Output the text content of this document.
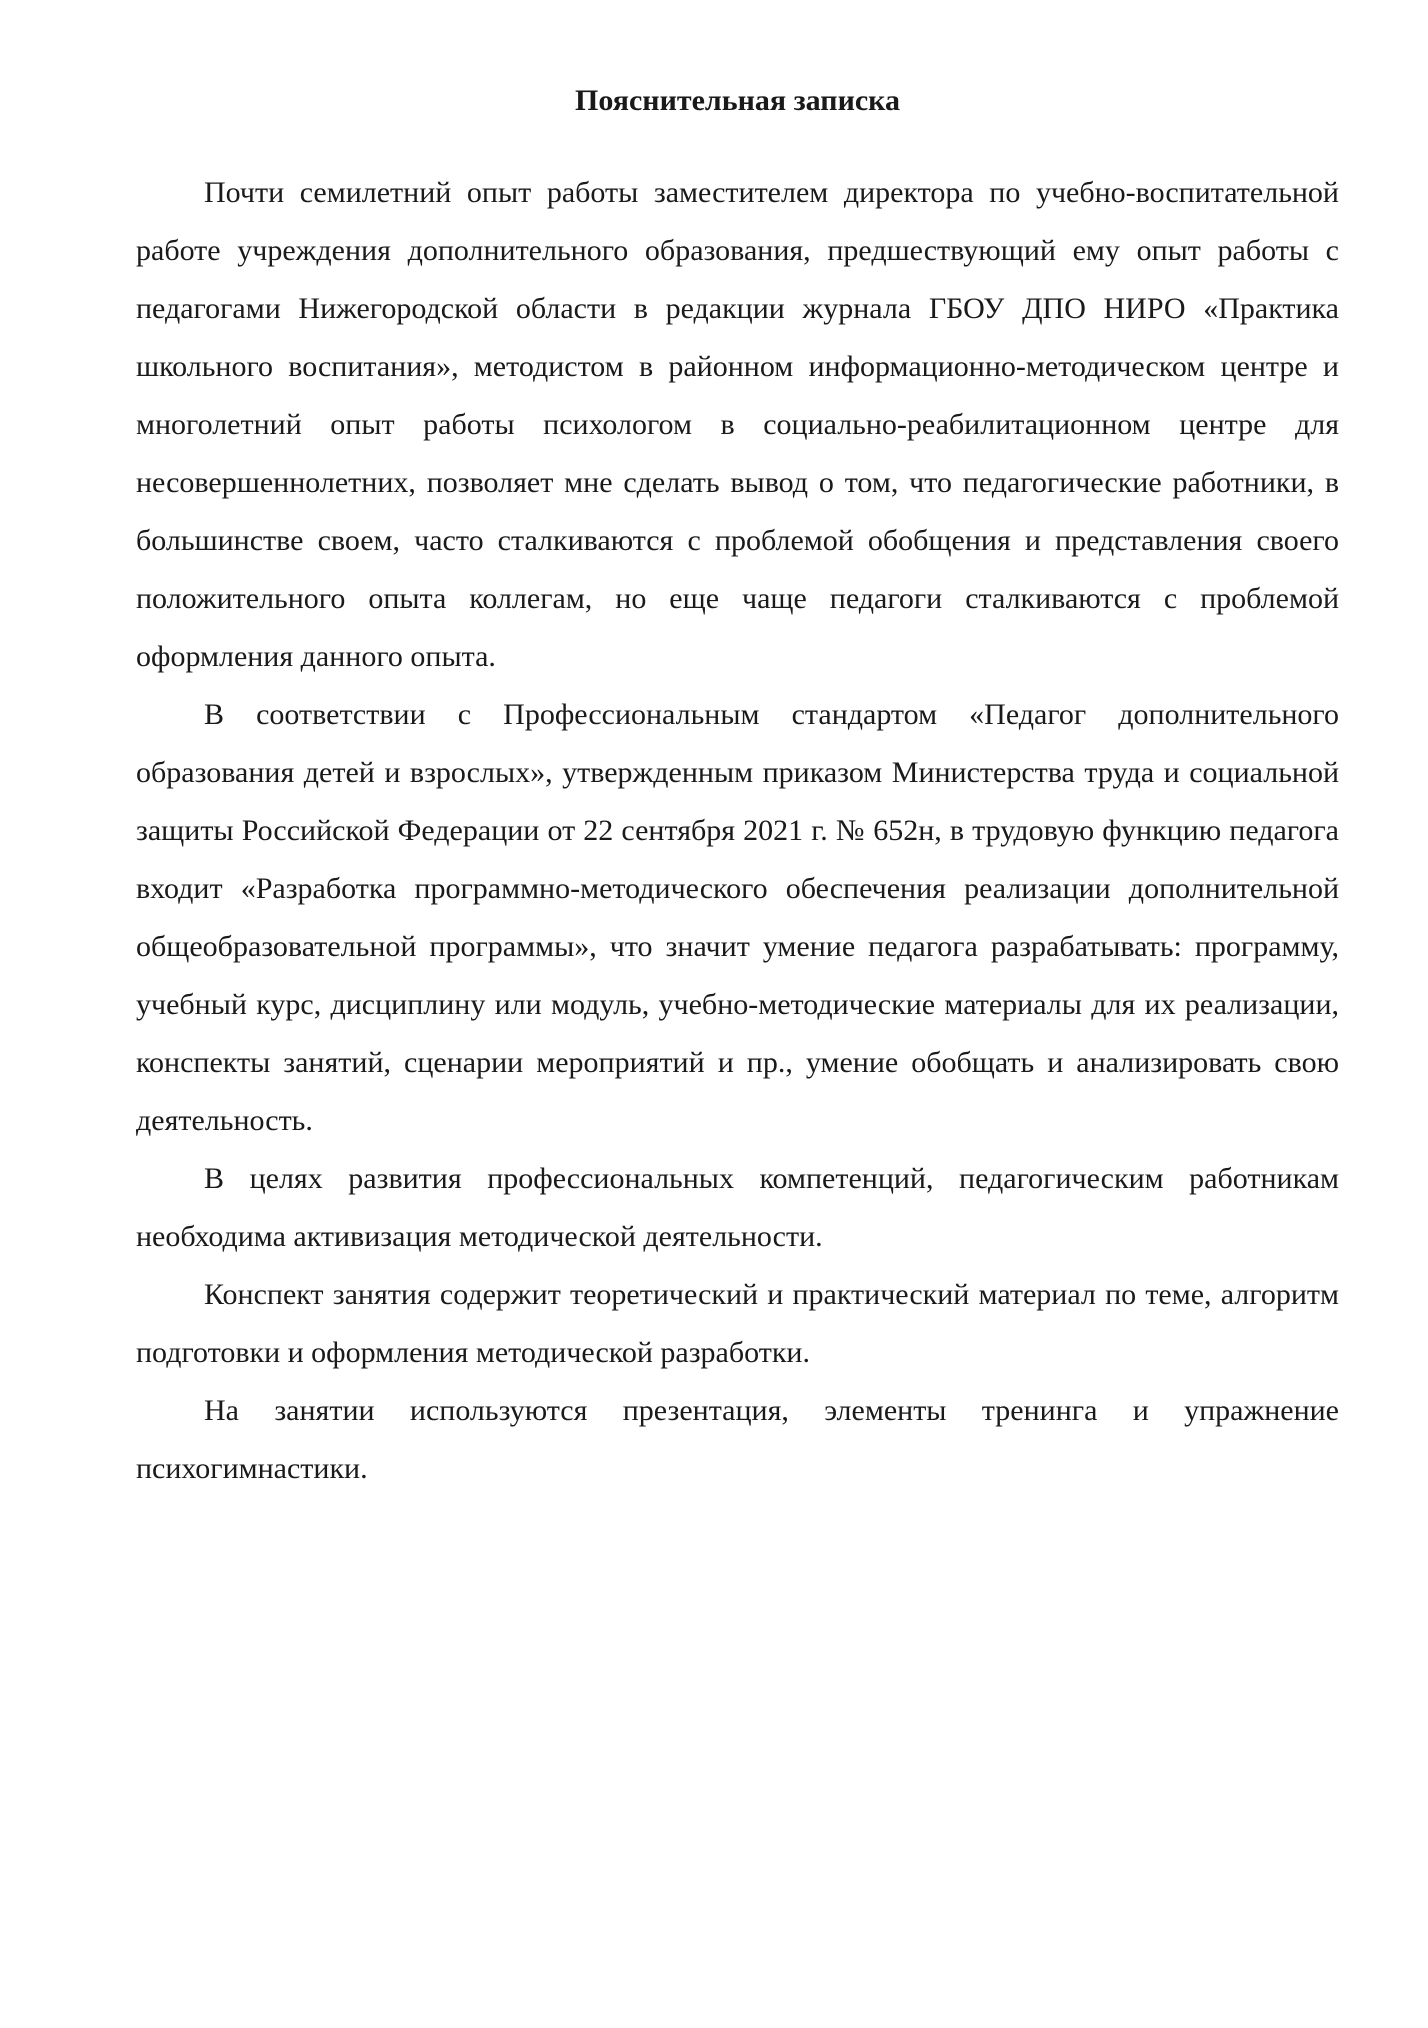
Пояснительная записка

Почти семилетний опыт работы заместителем директора по учебно-воспитательной работе учреждения дополнительного образования, предшествующий ему опыт работы с педагогами Нижегородской области в редакции журнала ГБОУ ДПО НИРО «Практика школьного воспитания», методистом в районном информационно-методическом центре и многолетний опыт работы психологом в социально-реабилитационном центре для несовершеннолетних, позволяет мне сделать вывод о том, что педагогические работники, в большинстве своем, часто сталкиваются с проблемой обобщения и представления своего положительного опыта коллегам, но еще чаще педагоги сталкиваются с проблемой оформления данного опыта.

В соответствии с Профессиональным стандартом «Педагог дополнительного образования детей и взрослых», утвержденным приказом Министерства труда и социальной защиты Российской Федерации от 22 сентября 2021 г. № 652н, в трудовую функцию педагога входит «Разработка программно-методического обеспечения реализации дополнительной общеобразовательной программы», что значит умение педагога разрабатывать: программу, учебный курс, дисциплину или модуль, учебно-методические материалы для их реализации, конспекты занятий, сценарии мероприятий и пр., умение обобщать и анализировать свою деятельность.

В целях развития профессиональных компетенций, педагогическим работникам необходима активизация методической деятельности.

Конспект занятия содержит теоретический и практический материал по теме, алгоритм подготовки и оформления методической разработки.

На занятии используются презентация, элементы тренинга и упражнение психогимнастики.
